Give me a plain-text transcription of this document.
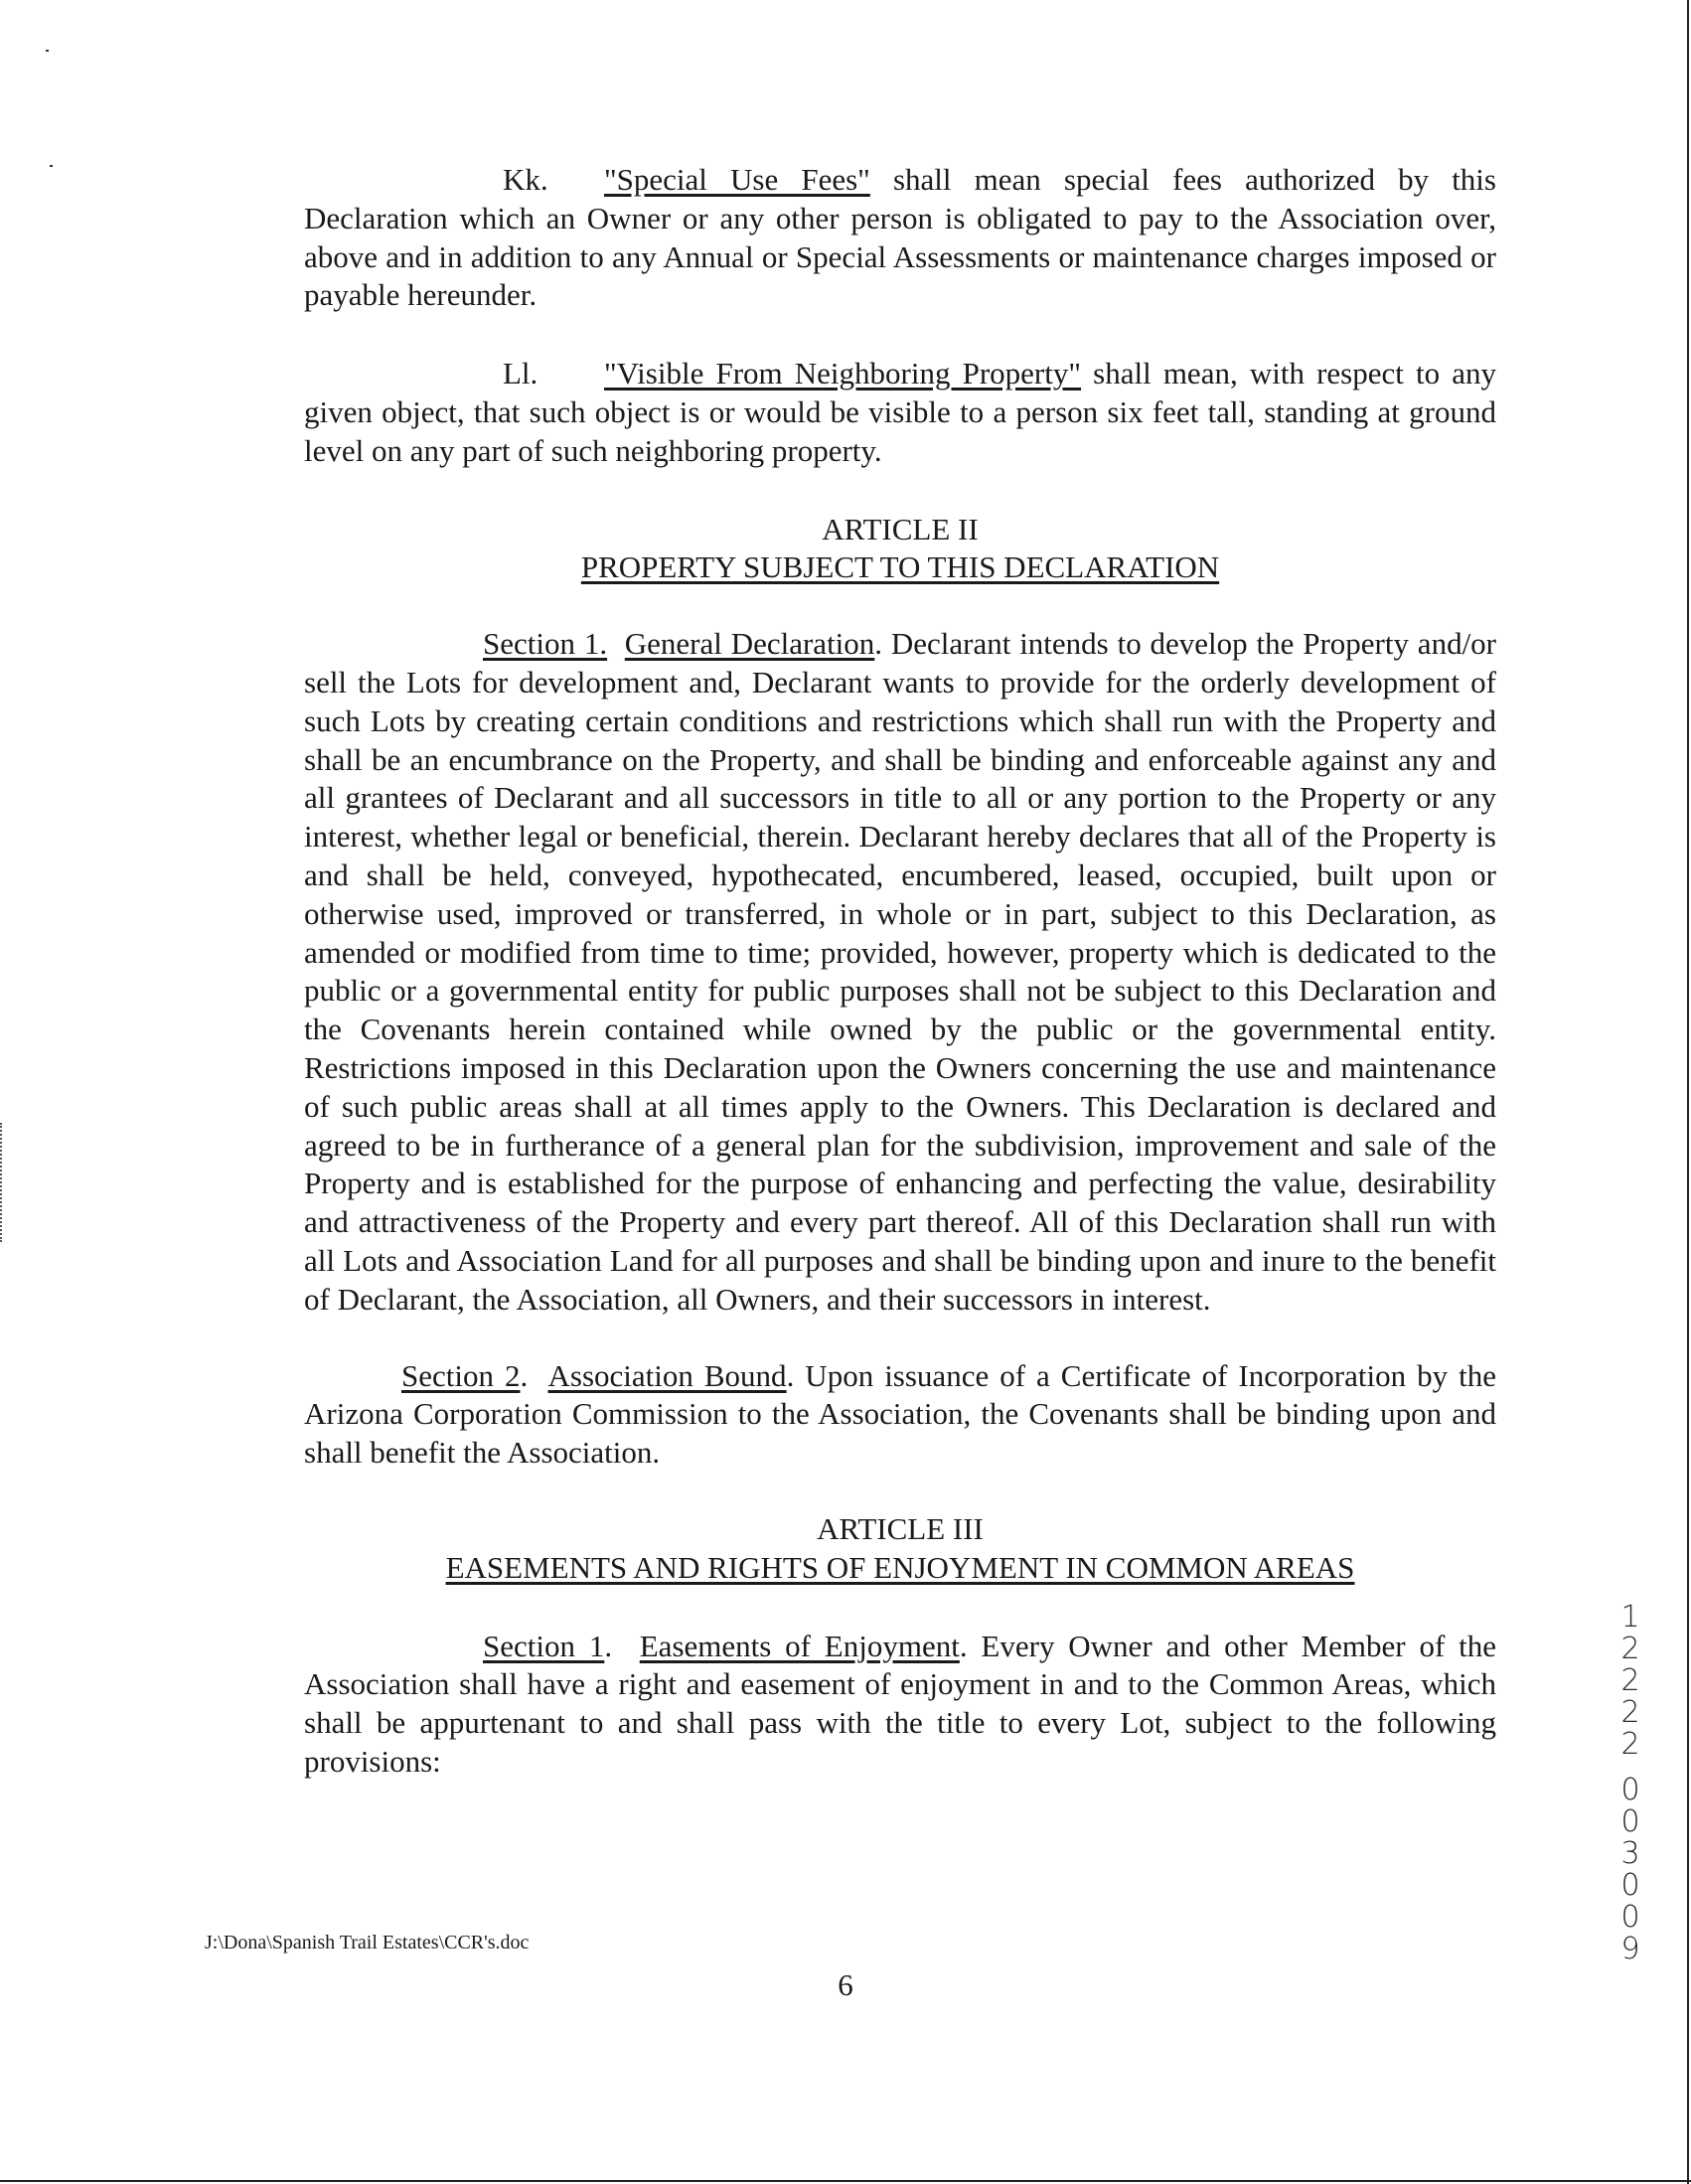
Kk. "Special Use Fees" shall mean special fees authorized by this Declaration which an Owner or any other person is obligated to pay to the Association over, above and in addition to any Annual or Special Assessments or maintenance charges imposed or payable hereunder.

Ll. "Visible From Neighboring Property" shall mean, with respect to any given object, that such object is or would be visible to a person six feet tall, standing at ground level on any part of such neighboring property.

ARTICLE II

PROPERTY SUBJECT TO THIS DECLARATION

Section 1. General Declaration. Declarant intends to develop the Property and/or sell the Lots for development and, Declarant wants to provide for the orderly development of such Lots by creating certain conditions and restrictions which shall run with the Property and shall be an encumbrance on the Property, and shall be binding and enforceable against any and all grantees of Declarant and all successors in title to all or any portion to the Property or any interest, whether legal or beneficial, therein. Declarant hereby declares that all of the Property is and shall be held, conveyed, hypothecated, encumbered, leased, occupied, built upon or otherwise used, improved or transferred, in whole or in part, subject to this Declaration, as amended or modified from time to time; provided, however, property which is dedicated to the public or a governmental entity for public purposes shall not be subject to this Declaration and the Covenants herein contained while owned by the public or the governmental entity. Restrictions imposed in this Declaration upon the Owners concerning the use and maintenance of such public areas shall at all times apply to the Owners. This Declaration is declared and agreed to be in furtherance of a general plan for the subdivision, improvement and sale of the Property and is established for the purpose of enhancing and perfecting the value, desirability and attractiveness of the Property and every part thereof. All of this Declaration shall run with all Lots and Association Land for all purposes and shall be binding upon and inure to the benefit of Declarant, the Association, all Owners, and their successors in interest.

Section 2.  Association Bound. Upon issuance of a Certificate of Incorporation by the Arizona Corporation Commission to the Association, the Covenants shall be binding upon and shall benefit the Association.

ARTICLE III

EASEMENTS AND RIGHTS OF ENJOYMENT IN COMMON AREAS

Section 1.  Easements of Enjoyment. Every Owner and other Member of the Association shall have a right and easement of enjoyment in and to the Common Areas, which shall be appurtenant to and shall pass with the title to every Lot, subject to the following provisions:

J:\Dona\Spanish Trail Estates\CCR's.doc
6
1
2
2
2
2
0
0
3
0
0
9
